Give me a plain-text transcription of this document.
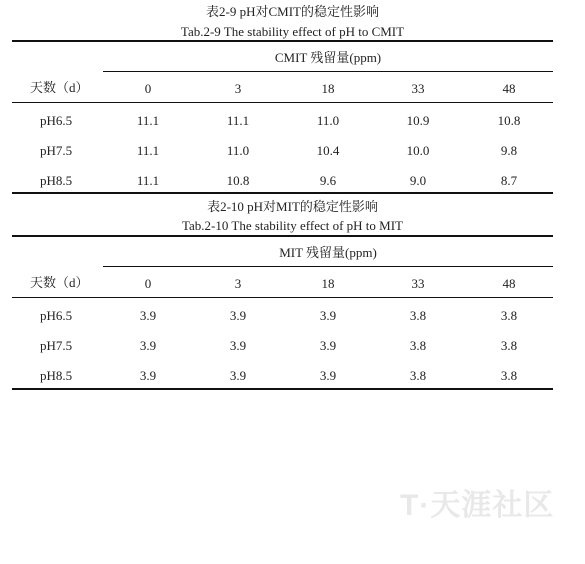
表2-9 pH对CMIT的稳定性影响
Tab.2-9 The stability effect of pH to CMIT
CMIT 残留量(ppm)
天数（d）	0	3	18	33	48
pH6.5	11.1	11.1	11.0	10.9	10.8
pH7.5	11.1	11.0	10.4	10.0	9.8
pH8.5	11.1	10.8	9.6	9.0	8.7
表2-10 pH对MIT的稳定性影响
Tab.2-10 The stability effect of pH to MIT
MIT 残留量(ppm)
天数（d）	0	3	18	33	48
pH6.5	3.9	3.9	3.9	3.8	3.8
pH7.5	3.9	3.9	3.9	3.8	3.8
pH8.5	3.9	3.9	3.9	3.8	3.8
T·天涯社区
